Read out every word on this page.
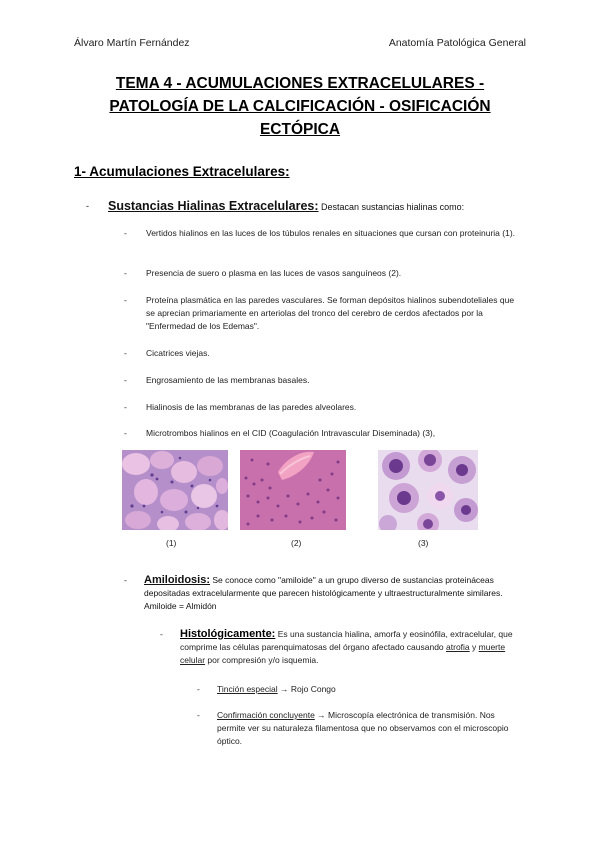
Álvaro Martín Fernández	Anatomía Patológica General
TEMA 4 - ACUMULACIONES EXTRACELULARES -
PATOLOGÍA DE LA CALCIFICACIÓN - OSIFICACIÓN
ECTÓPICA
1- Acumulaciones Extracelulares:
- Sustancias Hialinas Extracelulares: Destacan sustancias hialinas como:
- Vertidos hialinos en las luces de los túbulos renales en situaciones que cursan con proteinuria (1).
- Presencia de suero o plasma en las luces de vasos sanguíneos (2).
- Proteína plasmática en las paredes vasculares. Se forman depósitos hialinos subendoteliales que se aprecian primariamente en arteriolas del tronco del cerebro de cerdos afectados por la "Enfermedad de los Edemas".
- Cicatrices viejas.
- Engrosamiento de las membranas basales.
- Hialinosis de las membranas de las paredes alveolares.
- Microtrombos hialinos en el CID (Coagulación Intravascular Diseminada) (3),
(1)	(2)	(3)
- Amiloidosis: Se conoce como "amiloide" a un grupo diverso de sustancias proteináceas depositadas extracelularmente que parecen histológicamente y ultraestructuralmente similares. Amiloide = Almidón
- Histológicamente: Es una sustancia hialina, amorfa y eosinófila, extracelular, que comprime las células parenquimatosas del órgano afectado causando atrofia y muerte celular por compresión y/o isquemia.
- Tinción especial → Rojo Congo
- Confirmación concluyente → Microscopía electrónica de transmisión. Nos permite ver su naturaleza filamentosa que no observamos con el microscopio óptico.
